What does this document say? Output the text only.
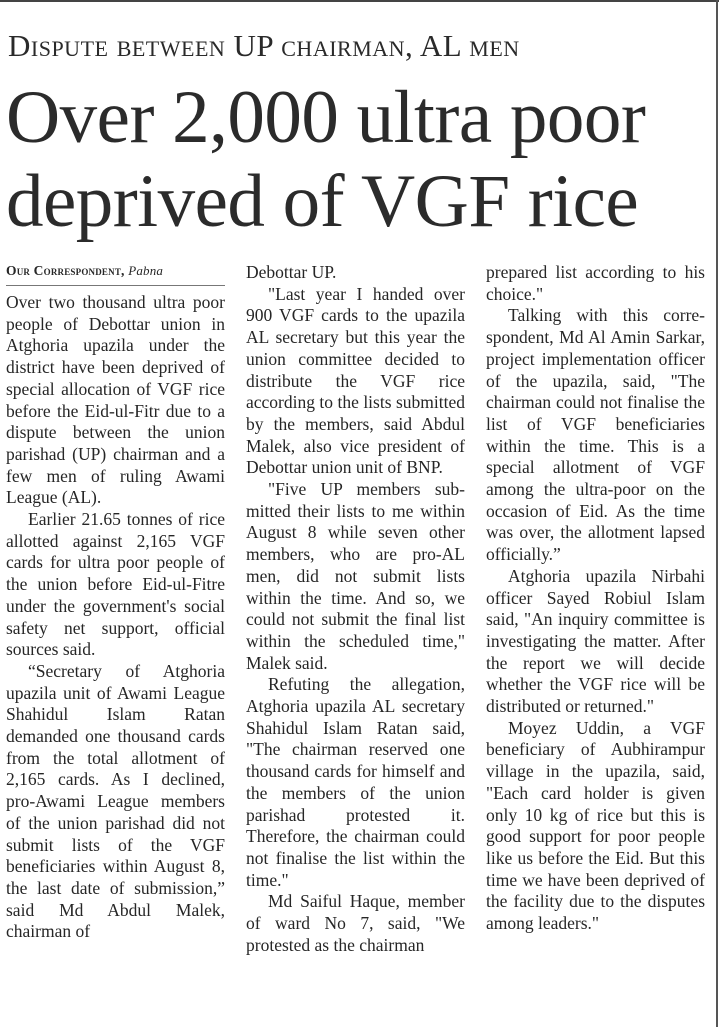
Dispute between UP chairman, AL men
Over 2,000 ultra poor deprived of VGF rice
Our Correspondent, Pabna

Over two thousand ultra poor people of Debottar union in Atghoria upazila under the district have been deprived of special allocation of VGF rice before the Eid-ul-Fitr due to a dispute between the union parishad (UP) chairman and a few men of ruling Awami League (AL).

Earlier 21.65 tonnes of rice allotted against 2,165 VGF cards for ultra poor people of the union before Eid-ul-Fitre under the government's social safety net support, official sources said.

“Secretary of Atghoria upazila unit of Awami League Shahidul Islam Ratan demanded one thousand cards from the total allotment of 2,165 cards. As I declined, pro-Awami League members of the union parishad did not submit lists of the VGF beneficiaries within August 8, the last date of submission,” said Md Abdul Malek, chairman of

Debottar UP.

"Last year I handed over 900 VGF cards to the upazila AL secretary but this year the union committee decided to distribute the VGF rice according to the lists submitted by the members, said Abdul Malek, also vice president of Debottar union unit of BNP.

"Five UP members submitted their lists to me within August 8 while seven other members, who are pro-AL men, did not submit lists within the time. And so, we could not submit the final list within the scheduled time," Malek said.

Refuting the allegation, Atghoria upazila AL secretary Shahidul Islam Ratan said, "The chairman reserved one thousand cards for himself and the members of the union parishad protested it. Therefore, the chairman could not finalise the list within the time."

Md Saiful Haque, member of ward No 7, said, "We protested as the chairman

prepared list according to his choice."

Talking with this correspondent, Md Al Amin Sarkar, project implementation officer of the upazila, said, "The chairman could not finalise the list of VGF beneficiaries within the time. This is a special allotment of VGF among the ultra-poor on the occasion of Eid. As the time was over, the allotment lapsed officially.”

Atghoria upazila Nirbahi officer Sayed Robiul Islam said, "An inquiry committee is investigating the matter. After the report we will decide whether the VGF rice will be distributed or returned."

Moyez Uddin, a VGF beneficiary of Aubhirampur village in the upazila, said, "Each card holder is given only 10 kg of rice but this is good support for poor people like us before the Eid. But this time we have been deprived of the facility due to the disputes among leaders."
